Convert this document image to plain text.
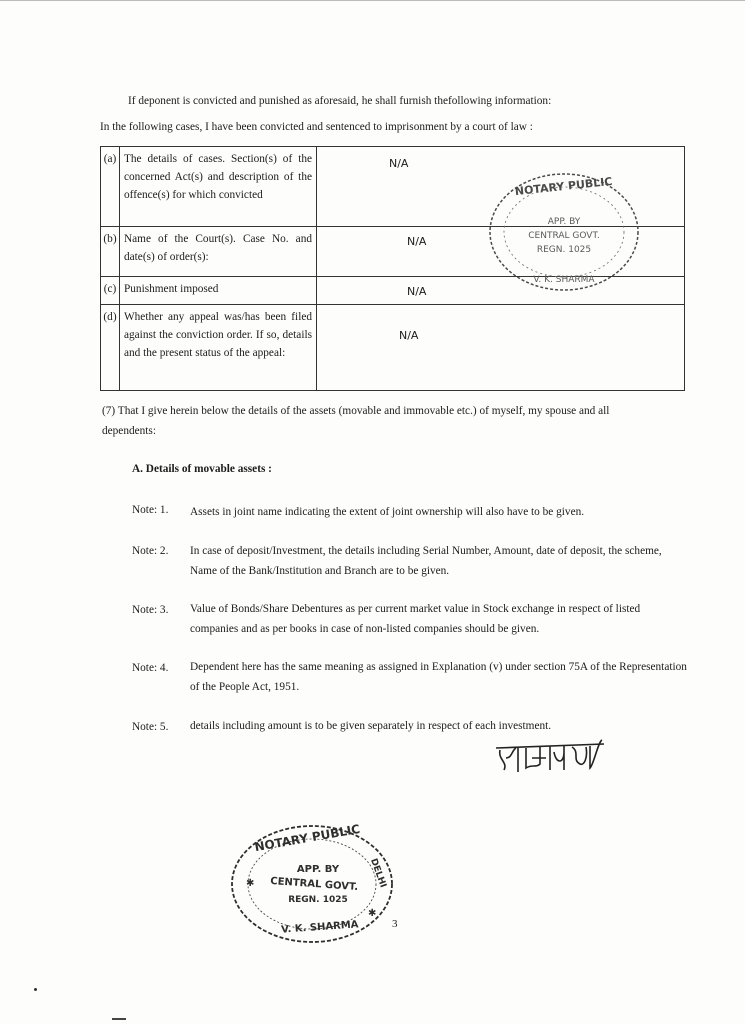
If deponent is convicted and punished as aforesaid, he shall furnish thefollowing information:
In the following cases, I have been convicted and sentenced to imprisonment by a court of law :
(a)	The details of cases. Section(s) of the concerned Act(s) and description of the offence(s) for which convicted	N/A

(b)	Name of the Court(s). Case No. and date(s) of order(s):	N/A

(c)	Punishment imposed	N/A

(d)	Whether any appeal was/has been filed against the conviction order. If so, details and the present status of the appeal:	N/A
(7) That I give herein below the details of the assets (movable and immovable etc.) of myself, my spouse and all
dependents:
A. Details of movable assets :
Note: 1. Assets in joint name indicating the extent of joint ownership will also have to be given.
Note: 2. In case of deposit/Investment, the details including Serial Number, Amount, date of deposit, the scheme, Name of the Bank/Institution and Branch are to be given.
Note: 3. Value of Bonds/Share Debentures as per current market value in Stock exchange in respect of listed companies and as per books in case of non-listed companies should be given.
Note: 4. Dependent here has the same meaning as assigned in Explanation (v) under section 75A of the Representation of the People Act, 1951.
Note: 5. details including amount is to be given separately in respect of each investment.
NOTARY PUBLIC
APP. BY
CENTRAL GOVT.
REGN. 1025
V. K. SHARMA
NOTARY PUBLIC
DELHI
APP. BY
CENTRAL GOVT.
REGN. 1025
V. K. SHARMA
✱
✱
3
